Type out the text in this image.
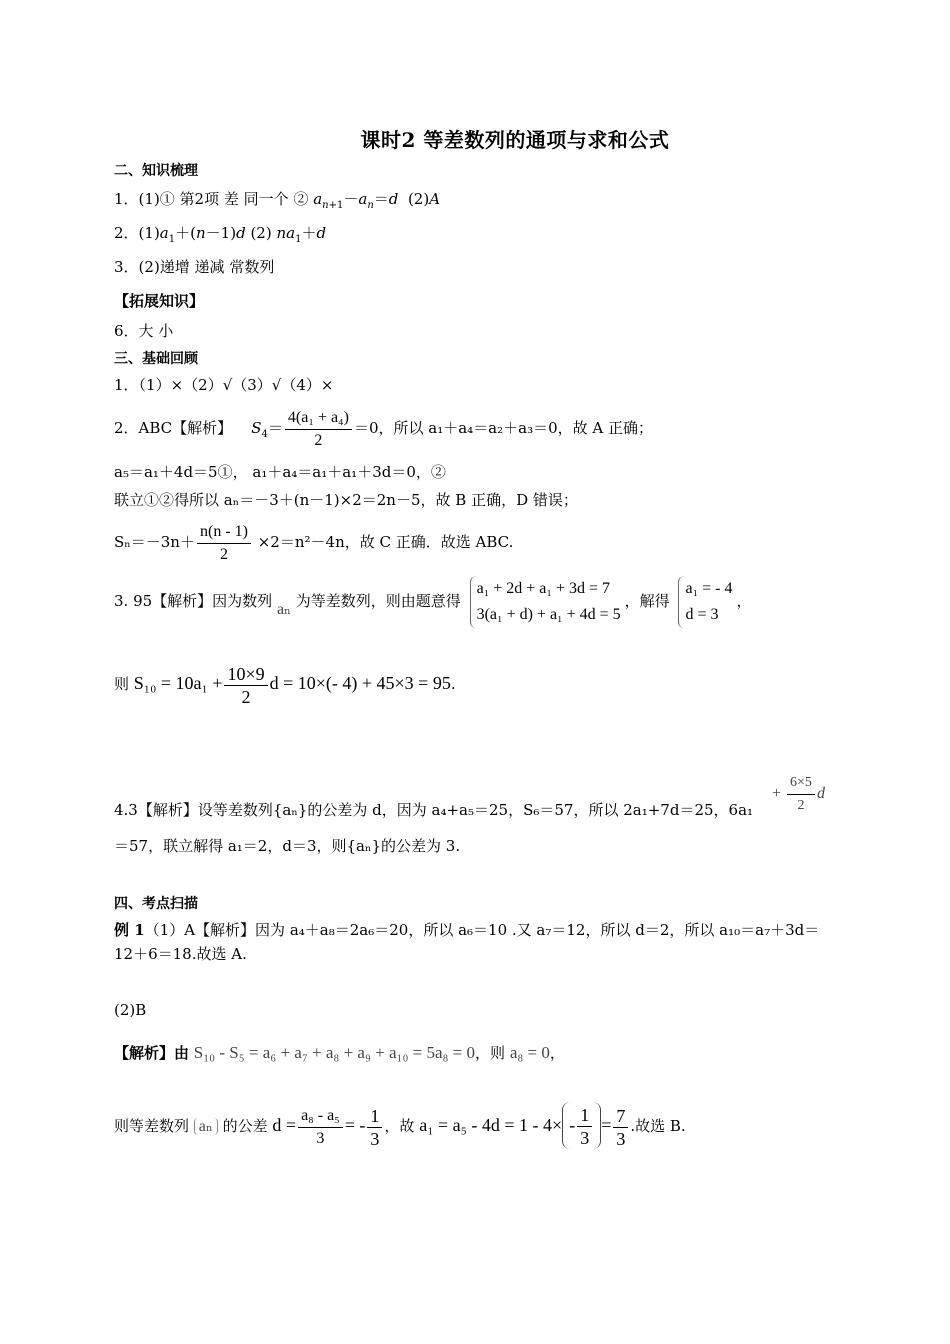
课时2 等差数列的通项与求和公式
二、知识梳理
1．(1)① 第2项 差 同一个 ② $a_{n+1}-a_n=d$ (2)A
2．$(1)a_1+(n-1)d$ (2) $na_1+d$
3．(2)递增 递减 常数列
【拓展知识】
6．大 小
三、基础回顾
1．（1）×（2）√（3）√（4）×
2．ABC【解析】 $S_4= \frac{\text{4(a₁ + a₄)}}{2} =0$，所以 a₁＋a₄＝a₂＋a₃＝0，故 A 正确；
a₅＝a₁＋4d＝5①， a₁＋a₄＝a₁＋a₁＋3d＝0，②
联立①②得所以 aₙ＝－3＋(n－1)×2＝2n－5，故 B 正确，D 错误；
$S_n=-3n+ \frac{n(n - 1)}{2} \times 2=n^2-4n$，故 C 正确．故选 ABC.
3. 95【解析】因为数列 aₙ 为等差数列，则由题意得
a₁ + 2d + a₁ + 3d = 7
3(a₁ + d) + a₁ + 4d = 5
，解得
a₁ = - 4
d = 3
，
则 $S_{10} = 10a_1 + \frac{10\times 9}{2}$ d = 10×(- 4) + 45×3 = 95.
+ $\frac{6\times 5}{2}$ d
4.3【解析】设等差数列{aₙ}的公差为 d，因为 a₄+a₅＝25，S₆＝57，所以 2a₁+7d＝25，6a₁
＝57，联立解得 a₁＝2，d＝3，则{aₙ}的公差为 3.
四、考点扫描
例 1（1）A【解析】因为 a₄＋a₈＝2a₆＝20，所以 a₆＝10 .又 a₇＝12，所以 d＝2，所以 a₁₀＝a₇＋3d＝
12＋6＝18.故选 A.
(2)B
【解析】由 S₁₀ - S₅ = a₆ + a₇ + a₈ + a₉ + a₁₀ = 5a₈ = 0，则 a₈ = 0，
则等差数列 aₙ 的公差 $d = \frac{\text{a₈ - a₅}}{3}$ = - $\frac{1}{3}$ ，故 $a_1 = a_5 - 4d = 1 - 4\times - \frac{1}{3} = \frac{7}{3}$ .故选 B.
